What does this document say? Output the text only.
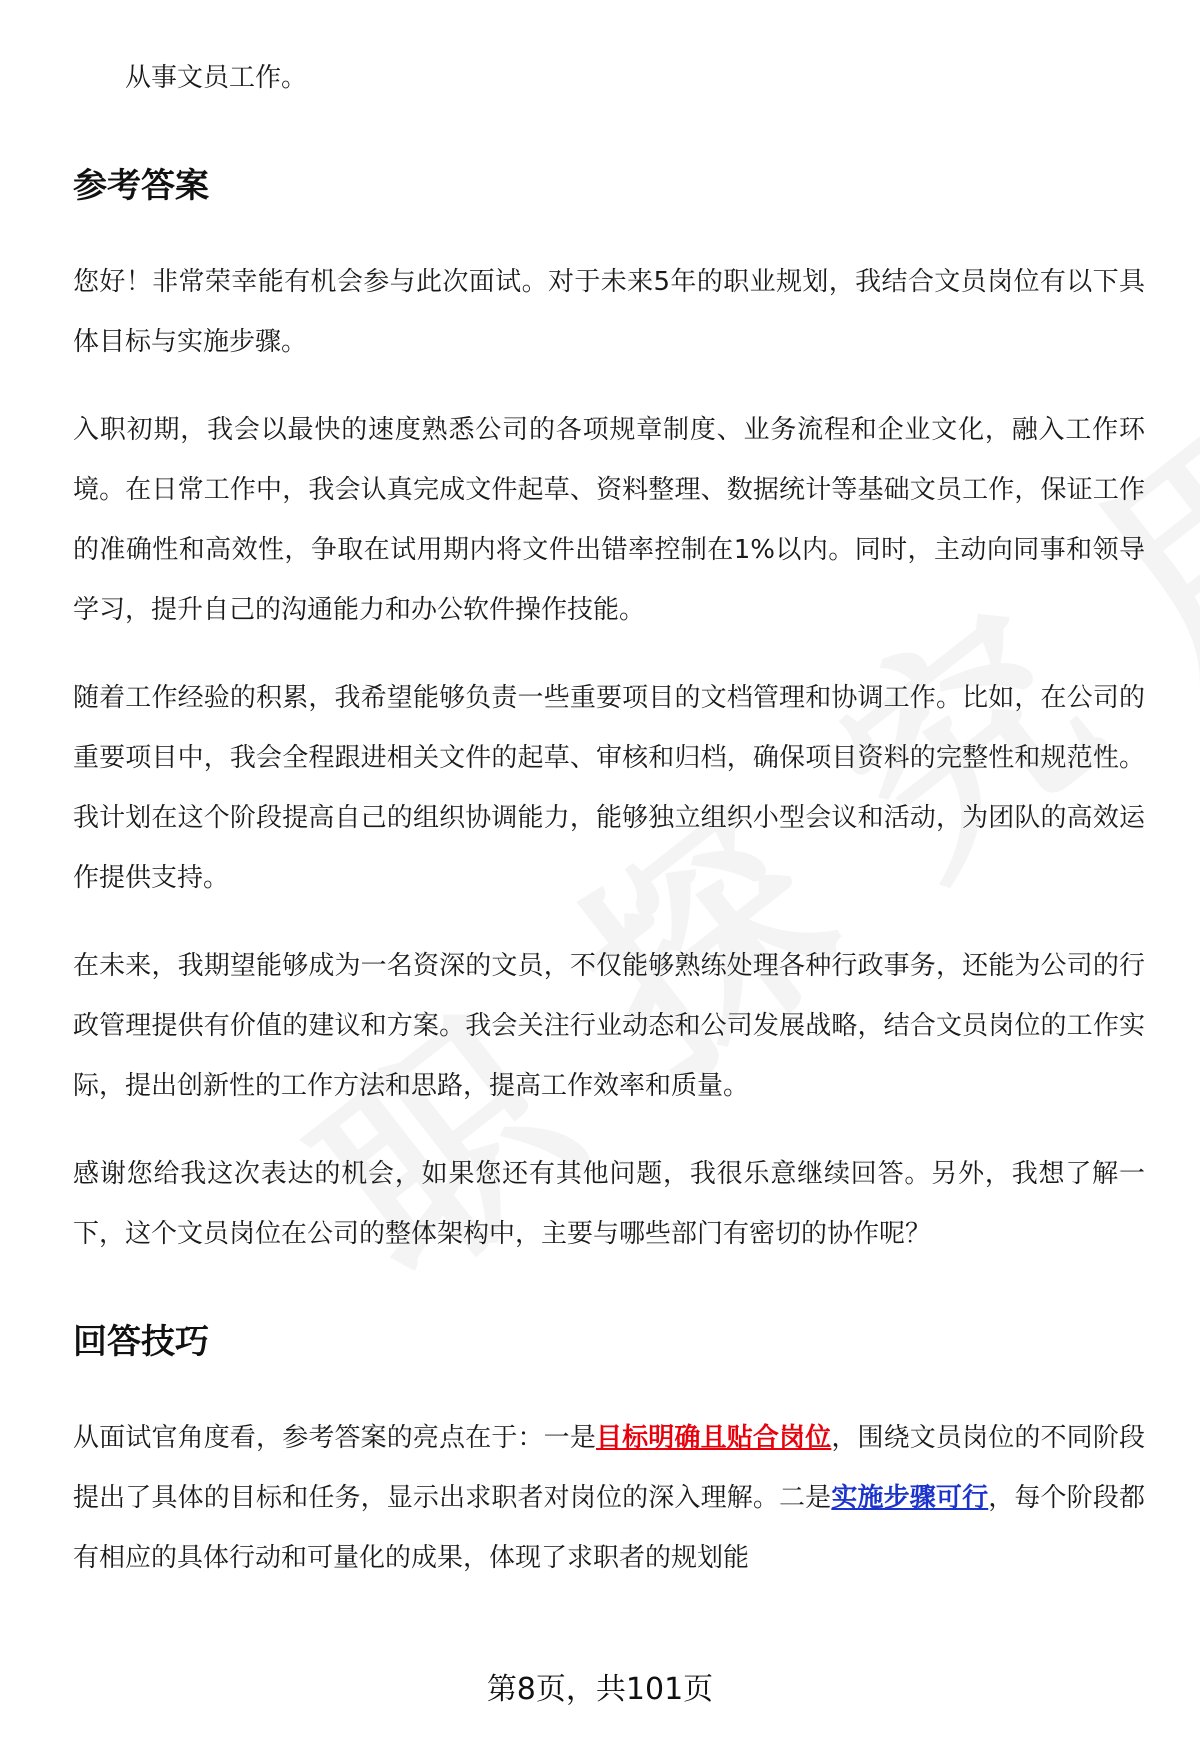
从事文员工作。
参考答案

您好！非常荣幸能有机会参与此次面试。对于未来5年的职业规划，我结合文员岗位有以下具体目标与实施步骤。

入职初期，我会以最快的速度熟悉公司的各项规章制度、业务流程和企业文化，融入工作环境。在日常工作中，我会认真完成文件起草、资料整理、数据统计等基础文员工作，保证工作的准确性和高效性，争取在试用期内将文件出错率控制在1%以内。同时，主动向同事和领导学习，提升自己的沟通能力和办公软件操作技能。

随着工作经验的积累，我希望能够负责一些重要项目的文档管理和协调工作。比如，在公司的重要项目中，我会全程跟进相关文件的起草、审核和归档，确保项目资料的完整性和规范性。我计划在这个阶段提高自己的组织协调能力，能够独立组织小型会议和活动，为团队的高效运作提供支持。

在未来，我期望能够成为一名资深的文员，不仅能够熟练处理各种行政事务，还能为公司的行政管理提供有价值的建议和方案。我会关注行业动态和公司发展战略，结合文员岗位的工作实际，提出创新性的工作方法和思路，提高工作效率和质量。

感谢您给我这次表达的机会，如果您还有其他问题，我很乐意继续回答。另外，我想了解一下，这个文员岗位在公司的整体架构中，主要与哪些部门有密切的协作呢？

回答技巧

从面试官角度看，参考答案的亮点在于：一是目标明确且贴合岗位，围绕文员岗位的不同阶段提出了具体的目标和任务，显示出求职者对岗位的深入理解。二是实施步骤可行，每个阶段都有相应的具体行动和可量化的成果，体现了求职者的规划能

第8页，共101页
